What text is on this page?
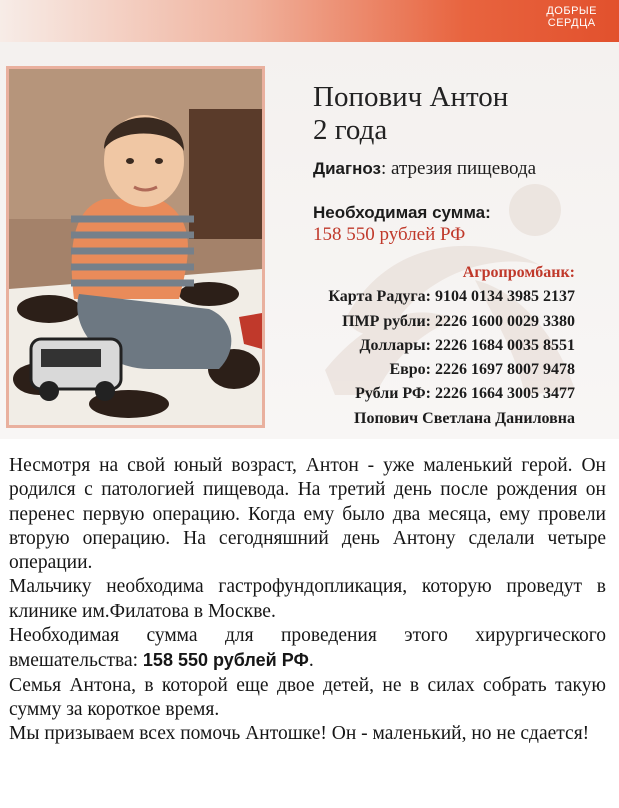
ДОБРЫЕ
СЕРДЦА
Попович Антон
2 года
Диагноз: атрезия пищевода
Необходимая сумма:
158 550 рублей РФ
Агропромбанк:
Карта Радуга: 9104 0134 3985 2137
ПМР рубли: 2226 1600 0029 3380
Доллары: 2226 1684 0035 8551
Евро: 2226 1697 8007 9478
Рубли РФ: 2226 1664 3005 3477
Попович Светлана Даниловна

Несмотря на свой юный возраст, Антон - уже маленький герой. Он родился с патологией пищевода. На третий день после рождения он перенес первую операцию. Когда ему было два месяца, ему провели вторую операцию. На сегодняшний день Антону сделали четыре операции.

Мальчику необходима гастрофундопликация, которую проведут в клинике им.Филатова в Москве.

Необходимая сумма для проведения этого хирургического вмешательства: 158 550 рублей РФ.

Семья Антона, в которой еще двое детей, не в силах собрать такую сумму за короткое время.

Мы призываем всех помочь Антошке! Он - маленький, но не сдается!
